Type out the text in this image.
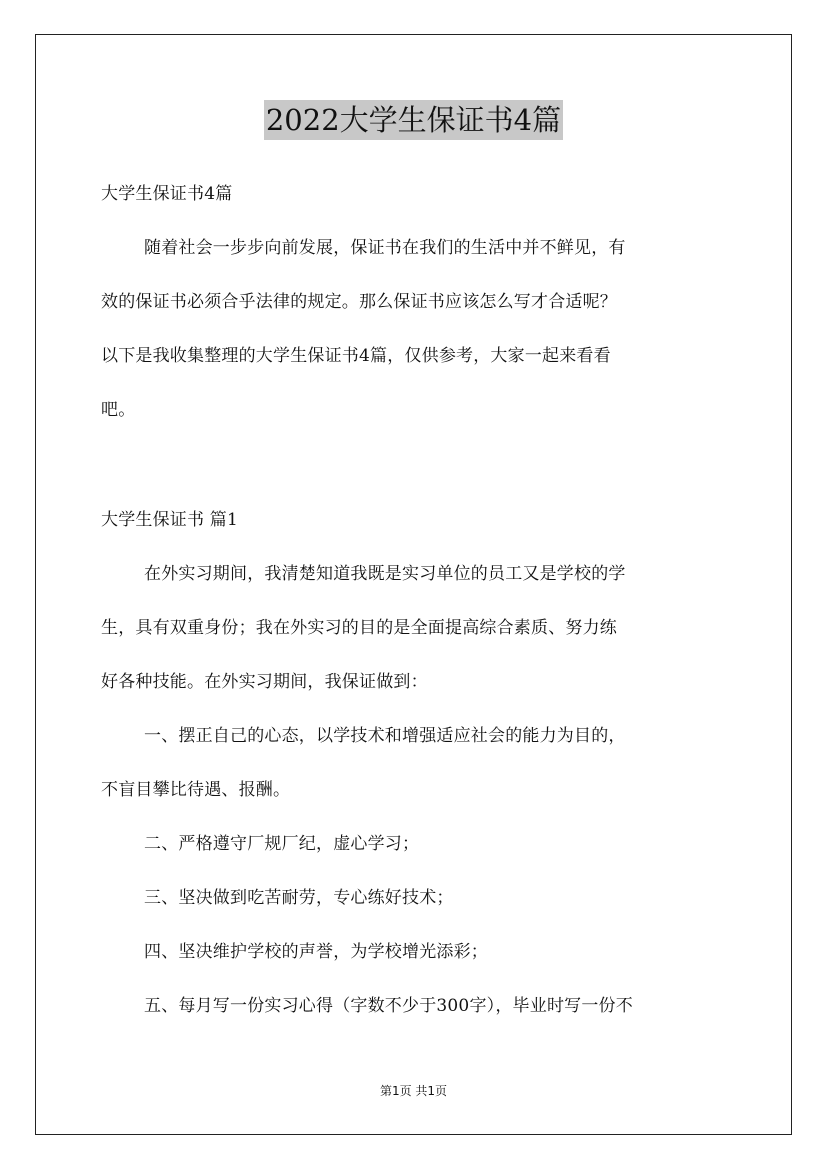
2022大学生保证书4篇
大学生保证书4篇
随着社会一步步向前发展，保证书在我们的生活中并不鲜见，有
效的保证书必须合乎法律的规定。那么保证书应该怎么写才合适呢？
以下是我收集整理的大学生保证书4篇，仅供参考，大家一起来看看
吧。
大学生保证书 篇1
在外实习期间，我清楚知道我既是实习单位的员工又是学校的学
生，具有双重身份；我在外实习的目的是全面提高综合素质、努力练
好各种技能。在外实习期间，我保证做到：
一、摆正自己的心态，以学技术和增强适应社会的能力为目的，
不盲目攀比待遇、报酬。
二、严格遵守厂规厂纪，虚心学习；
三、坚决做到吃苦耐劳，专心练好技术；
四、坚决维护学校的声誉，为学校增光添彩；
五、每月写一份实习心得（字数不少于300字），毕业时写一份不
第1页 共1页
